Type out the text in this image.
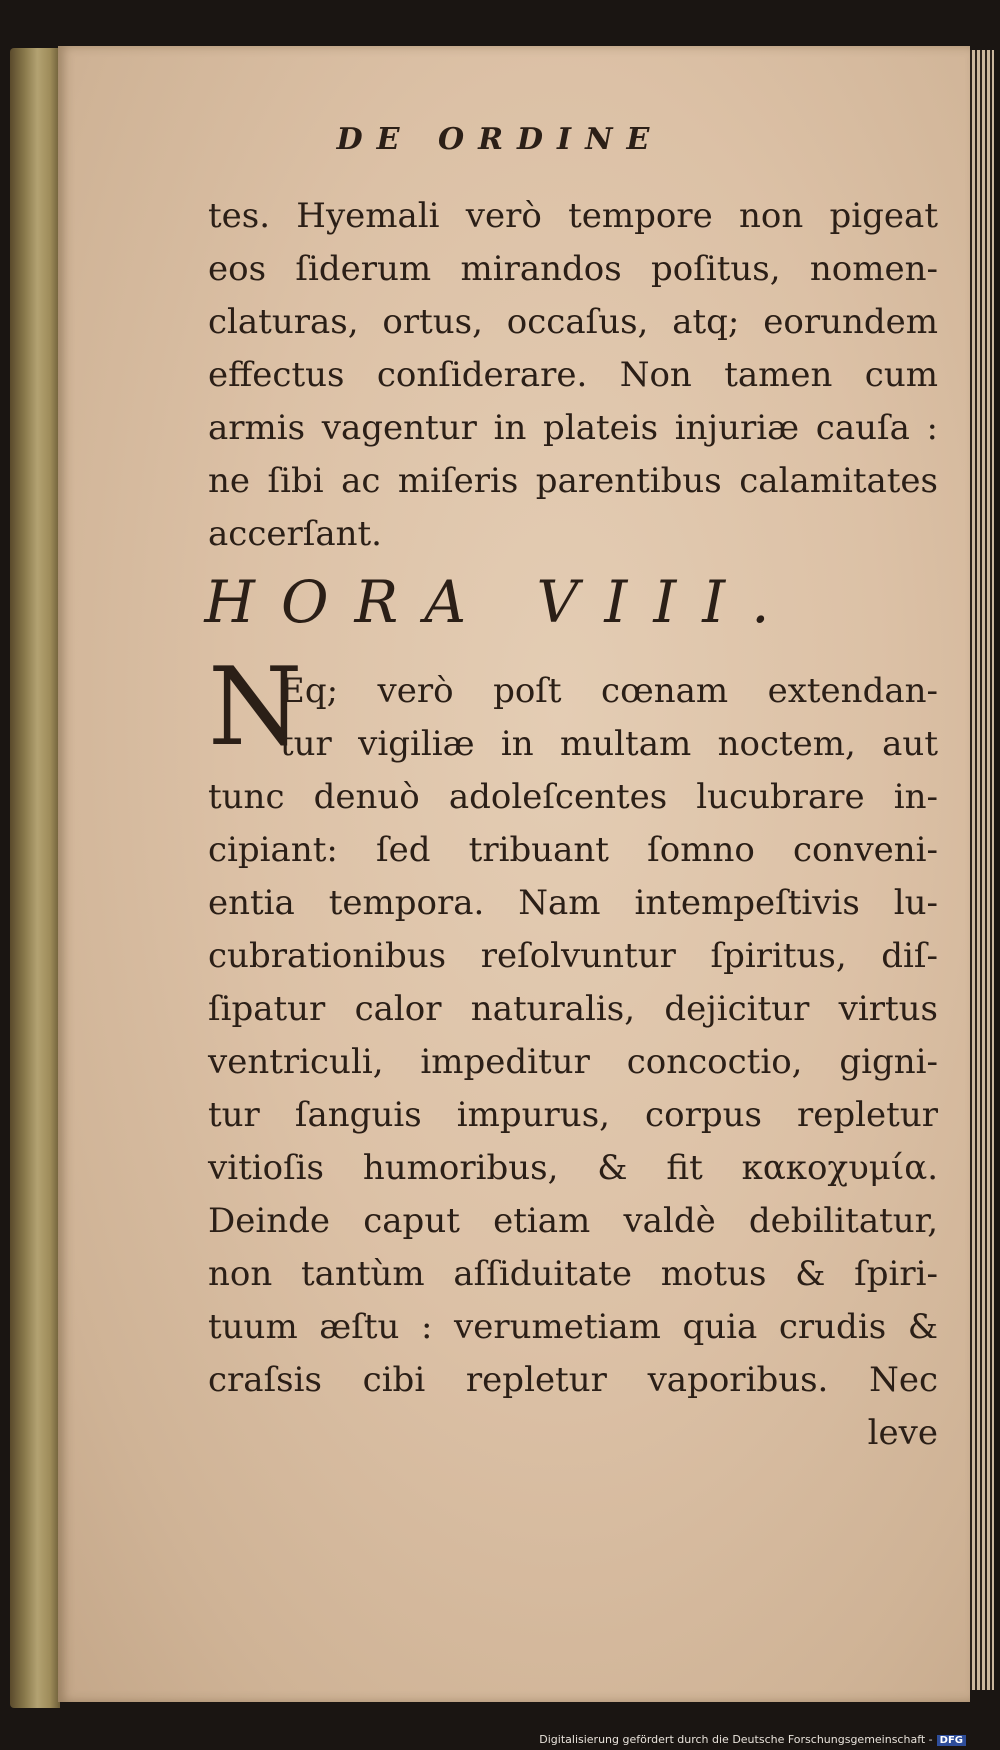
DE ORDINE
tes. Hyemali verò tempore non pigeat
eos ſiderum mirandos poſitus, nomen-
claturas, ortus, occaſus, atq; eorundem
effectus conſiderare. Non tamen cum
armis vagentur in plateis injuriæ cauſa :
ne ſibi ac miſeris parentibus calamitates
accerſant.
HORA VIII.
N
Eq; verò poſt cœnam extendan-
tur vigiliæ in multam noctem, aut
tunc denuò adoleſcentes lucubrare in-
cipiant: ſed tribuant ſomno conveni-
entia tempora. Nam intempeſtivis lu-
cubrationibus reſolvuntur ſpiritus, diſ-
ſipatur calor naturalis, dejicitur virtus
ventriculi, impeditur concoctio, gigni-
tur ſanguis impurus, corpus repletur
vitioſis humoribus, & fit κακοχυμία.
Deinde caput etiam valdè debilitatur,
non tantùm aſſiduitate motus & ſpiri-
tuum æſtu : verumetiam quia crudis &
craſsis cibi repletur vaporibus. Nec
leve
Digitalisierung gefördert durch die Deutsche Forschungsgemeinschaft - DFG
